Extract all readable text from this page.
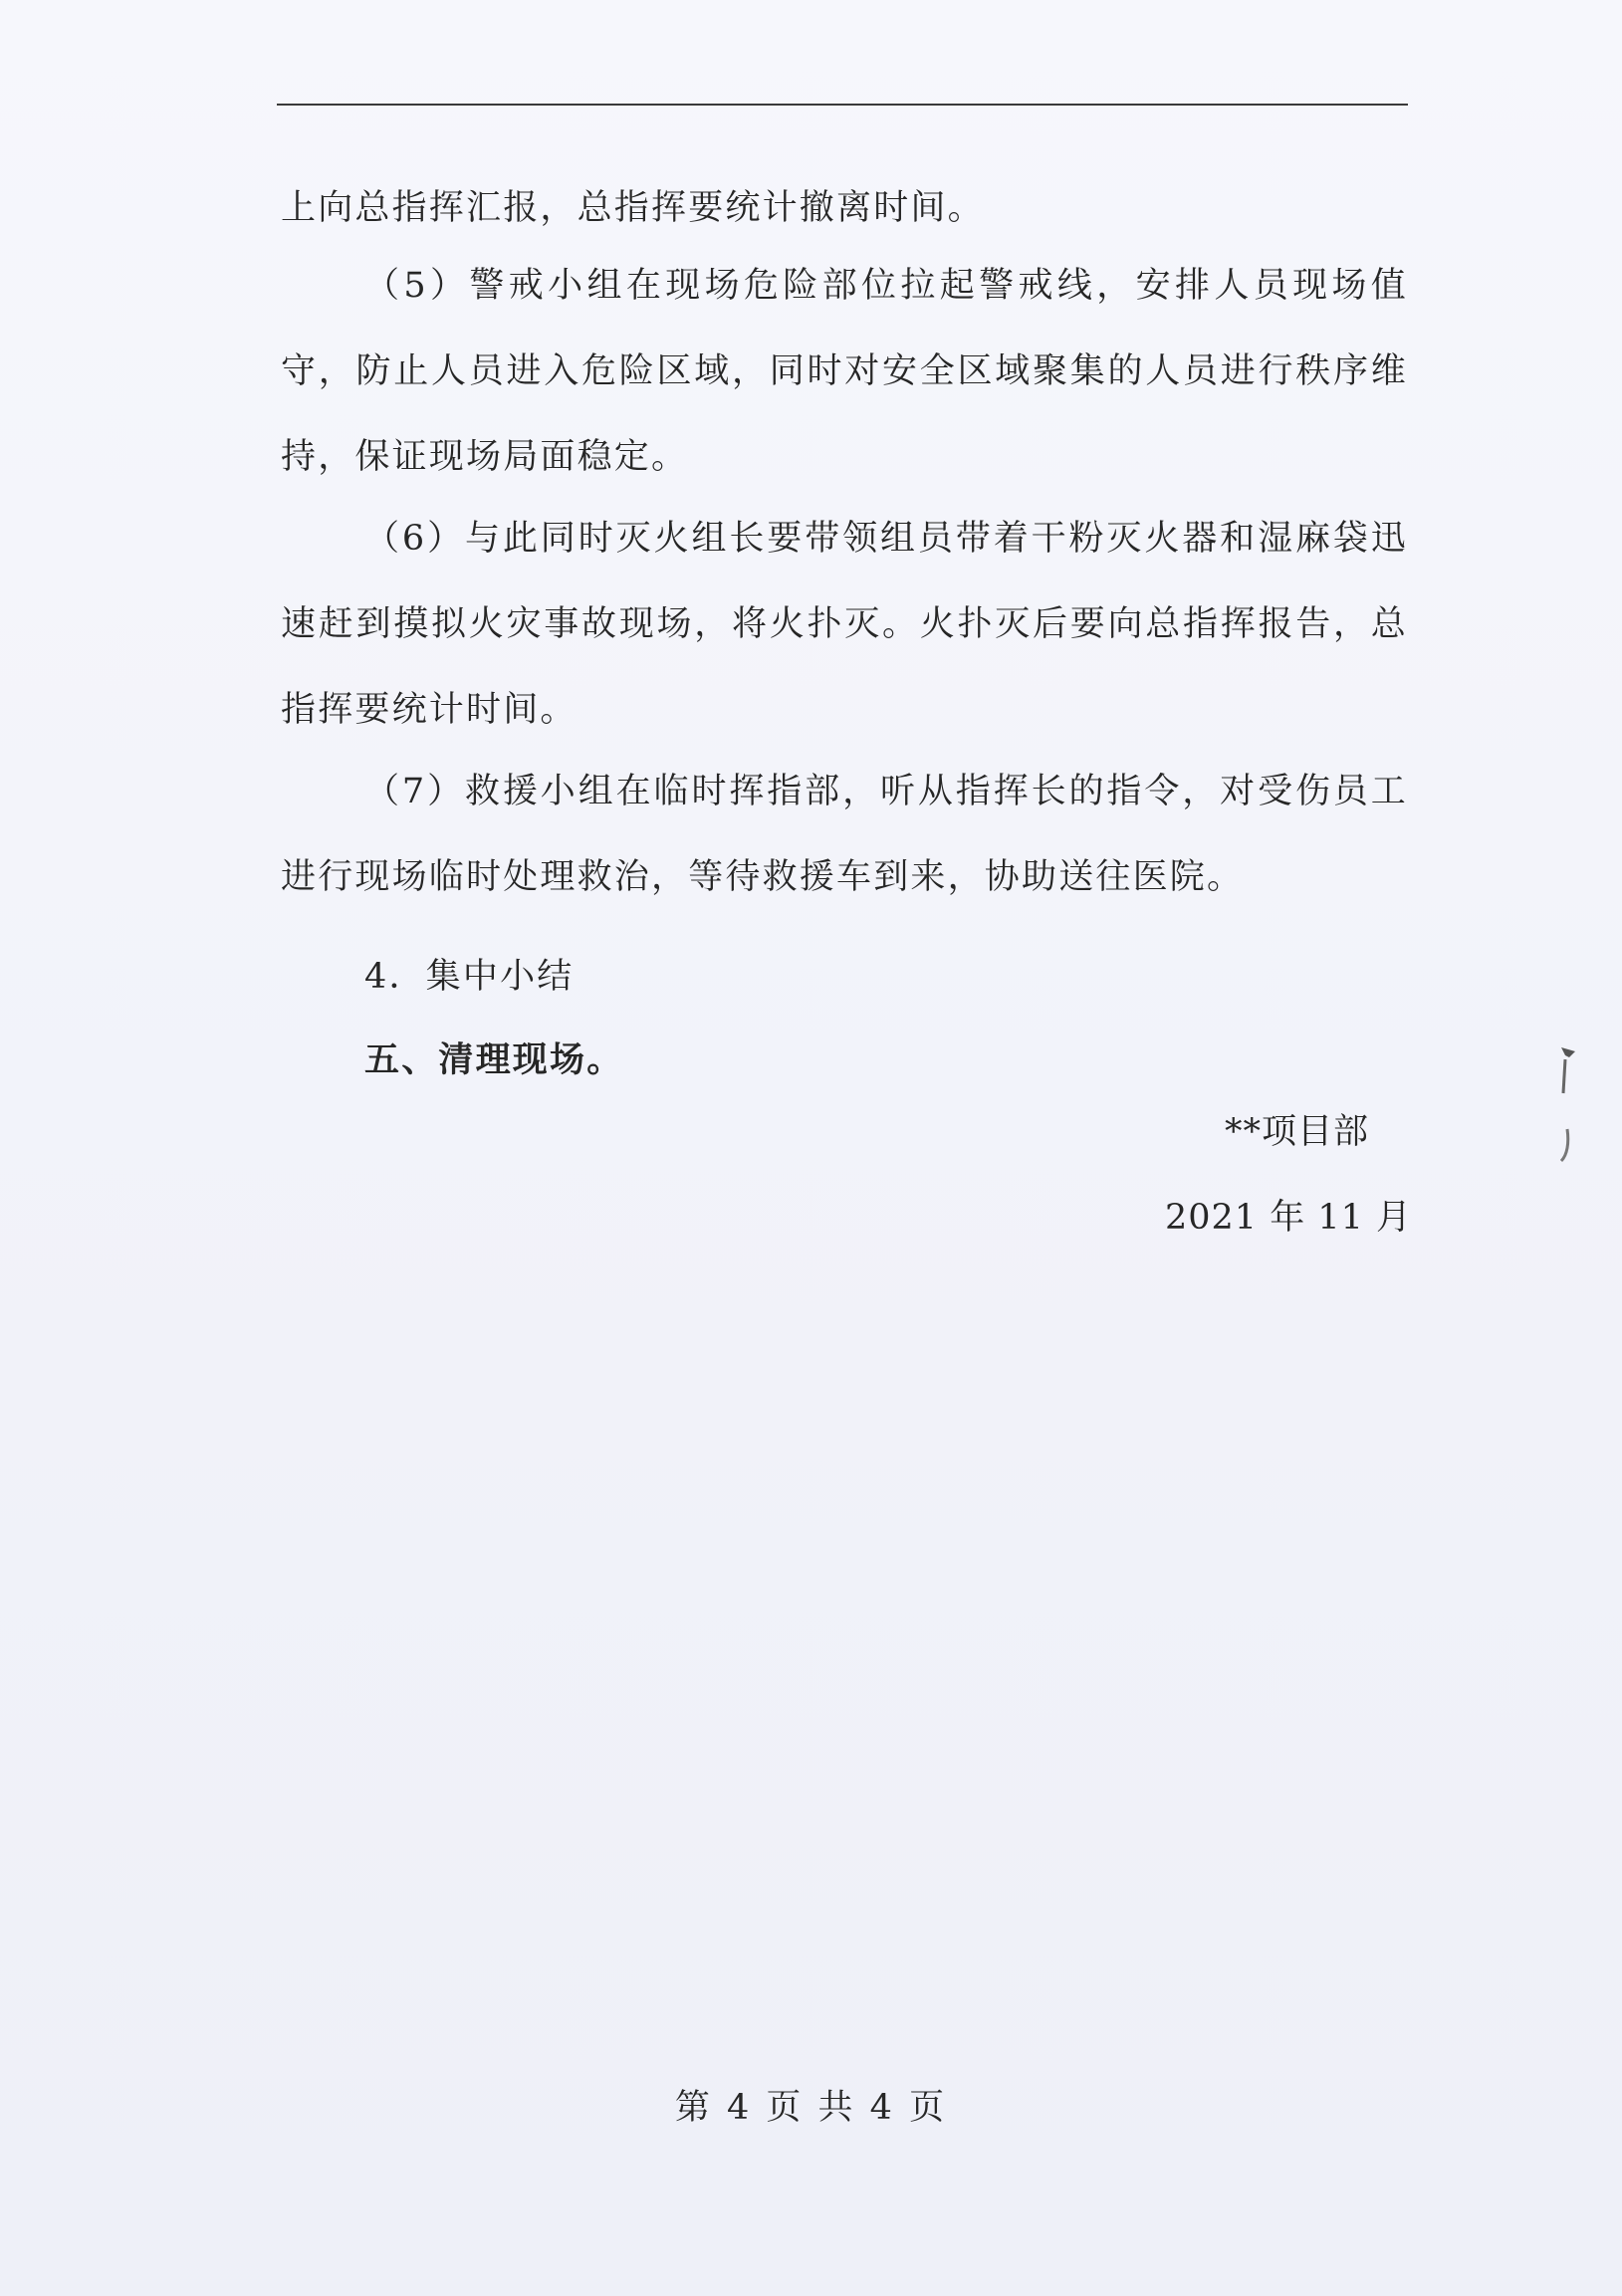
上向总指挥汇报，总指挥要统计撤离时间。

（5）警戒小组在现场危险部位拉起警戒线，安排人员现场值守，防止人员进入危险区域，同时对安全区域聚集的人员进行秩序维持，保证现场局面稳定。

（6）与此同时灭火组长要带领组员带着干粉灭火器和湿麻袋迅速赶到摸拟火灾事故现场，将火扑灭。火扑灭后要向总指挥报告，总指挥要统计时间。

（7）救援小组在临时挥指部，听从指挥长的指令，对受伤员工进行现场临时处理救治，等待救援车到来，协助送往医院。

4．集中小结

五、清理现场。

**项目部

2021 年 11 月

第 4 页 共 4 页
